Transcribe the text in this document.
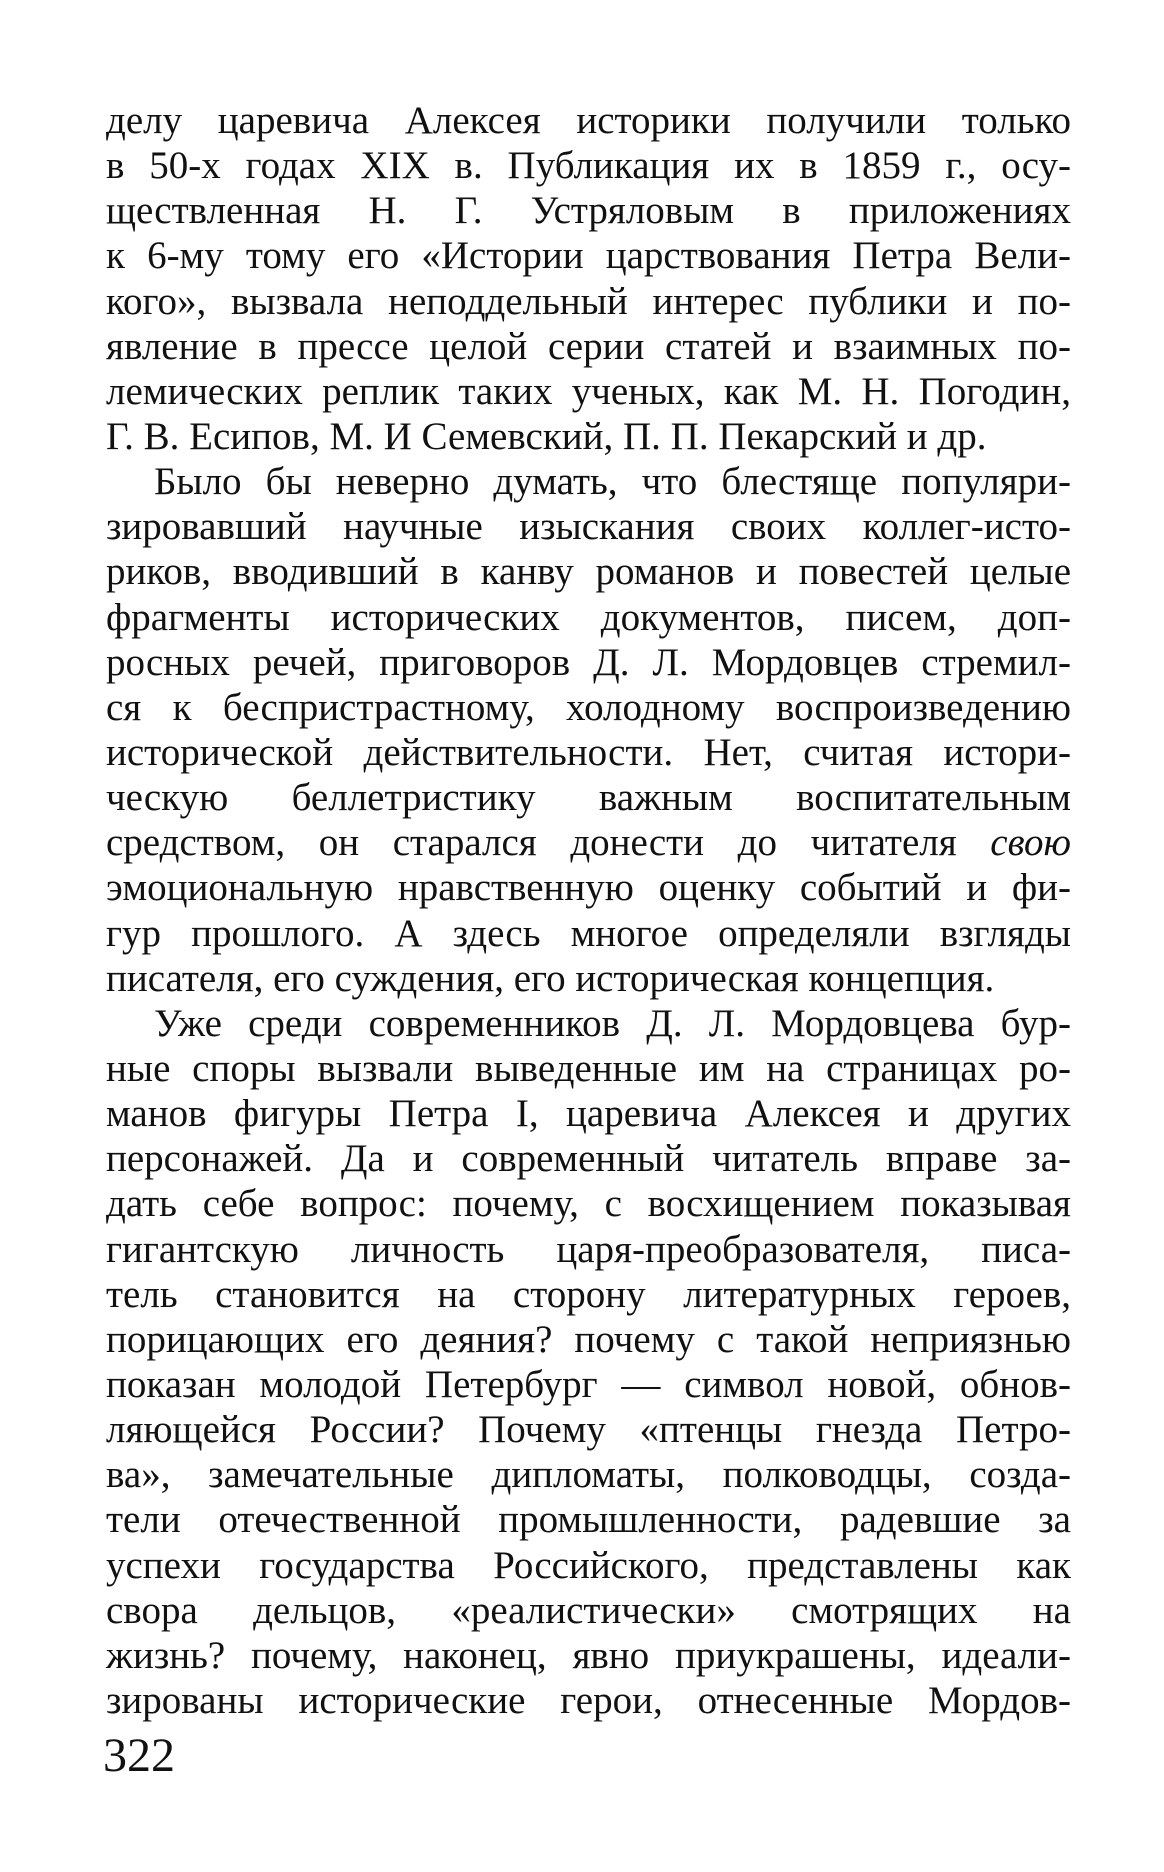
делу царевича Алексея историки получили только
в 50-х годах XIX в. Публикация их в 1859 г., осу-
ществленная Н. Г. Устряловым в приложениях
к 6-му тому его «Истории царствования Петра Вели-
кого», вызвала неподдельный интерес публики и по-
явление в прессе целой серии статей и взаимных по-
лемических реплик таких ученых, как М. Н. Погодин,
Г. В. Есипов, М. И Семевский, П. П. Пекарский и др.
Было бы неверно думать, что блестяще популяри-
зировавший научные изыскания своих коллег-исто-
риков, вводивший в канву романов и повестей целые
фрагменты исторических документов, писем, доп-
росных речей, приговоров Д. Л. Мордовцев стремил-
ся к беспристрастному, холодному воспроизведению
исторической действительности. Нет, считая истори-
ческую беллетристику важным воспитательным
средством, он старался донести до читателя свою
эмоциональную нравственную оценку событий и фи-
гур прошлого. А здесь многое определяли взгляды
писателя, его суждения, его историческая концепция.
Уже среди современников Д. Л. Мордовцева бур-
ные споры вызвали выведенные им на страницах ро-
манов фигуры Петра I, царевича Алексея и других
персонажей. Да и современный читатель вправе за-
дать себе вопрос: почему, с восхищением показывая
гигантскую личность царя-преобразователя, писа-
тель становится на сторону литературных героев,
порицающих его деяния? почему с такой неприязнью
показан молодой Петербург — символ новой, обнов-
ляющейся России? Почему «птенцы гнезда Петро-
ва», замечательные дипломаты, полководцы, созда-
тели отечественной промышленности, радевшие за
успехи государства Российского, представлены как
свора дельцов, «реалистически» смотрящих на
жизнь? почему, наконец, явно приукрашены, идеали-
зированы исторические герои, отнесенные Мордов-
322
